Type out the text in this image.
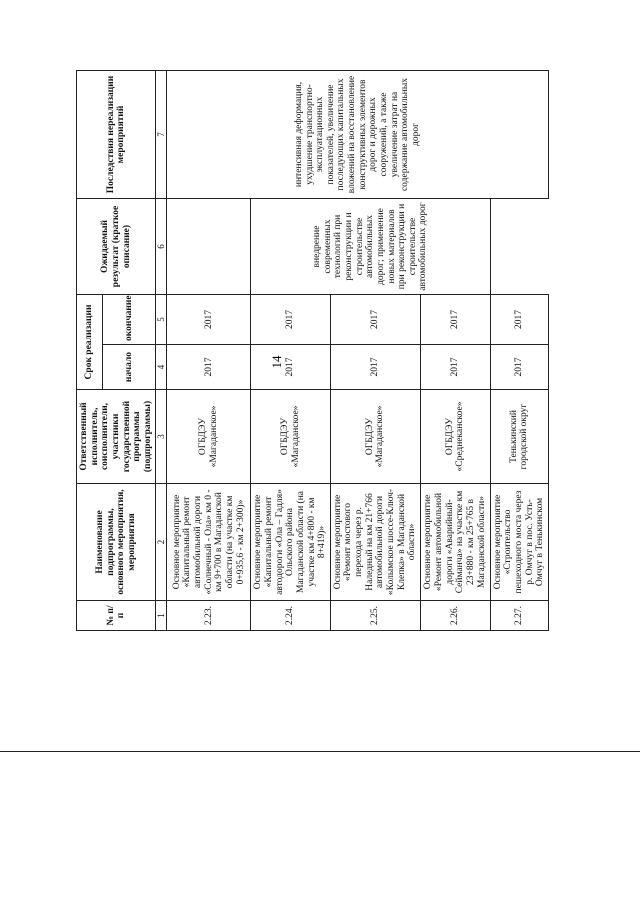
14
№ п/п	Наименование подпрограммы, основного мероприятия, мероприятия	Ответственный исполнитель, соисполнители, участники государственной программы (подпрограммы)	Срок реализации		Ожидаемый результат (краткое описание)	Последствия нереализации мероприятий
			начало	окончание		
1	2	3	4	5	6	7
2.23.	Основное мероприятие «Капитальный ремонт автомобильной дороги «Солнечный - Ола» км 0 - км 9+700 в Магаданской области (на участке км 0+935,6 - км 2+300)»	ОГБДЭУ «Магаданское»	2017	2017		интенсивная деформация, ухудшение транспортно-эксплуатационных показателей, увеличение последующих капитальных вложений на восстановление конструктивных элементов дорог и дорожных сооружений, а также увеличение затрат на содержание автомобильных дорог
2.24.	Основное мероприятие «Капитальный ремонт автодороги «Ола – Гадля» Ольского района Магаданской области (на участке км 4+800 - км 8+419)»	ОГБДЭУ «Магаданское»	2017	2017	внедрение современных технологий при реконструкции и строительстве автомобильных дорог; применение новых материалов при реконструкции и строительстве автомобильных дорог	
2.25.	Основное мероприятие «Ремонт мостового перехода через р. Наледный на км 21+766 автомобильной дороги «Колымское шоссе-Ключ-Клепка» в Магаданской области»	ОГБДЭУ «Магаданское»	2017	2017		
2.26.	Основное мероприятие «Ремонт автомобильной дороги «Аварийный-Сейманча» на участке км 23+880 - км 25+765 в Магаданской области»	ОГБДЭУ «Среднеканское»	2017	2017		
2.27.	Основное мероприятие «Строительство пешеходного моста через р. Омчуг в пос. Усть-Омчуг в Тенькинском	Тенькинский городской округ	2017	2017		
